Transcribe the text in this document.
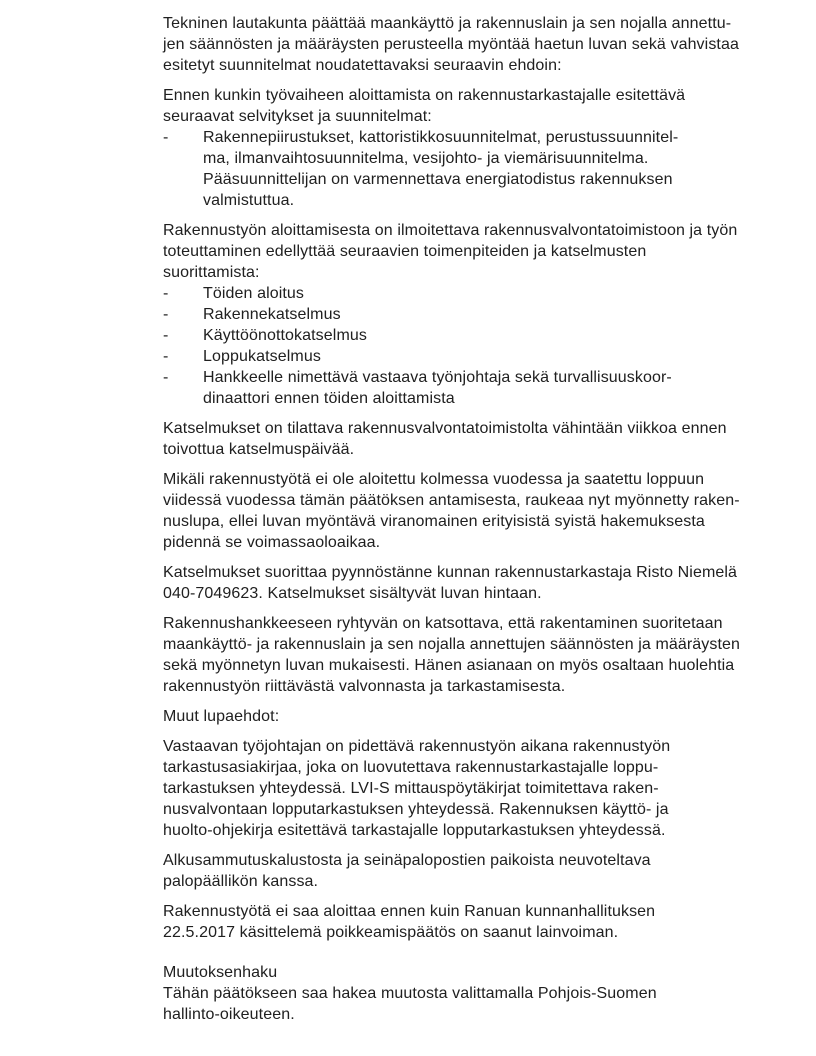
Tekninen lautakunta päättää maankäyttö ja rakennuslain ja sen nojalla annettu-
jen säännösten ja määräysten perusteella myöntää haetun luvan sekä vahvistaa
esitetyt suunnitelmat noudatettavaksi seuraavin ehdoin:
Ennen kunkin työvaiheen aloittamista on rakennustarkastajalle esitettävä
seuraavat selvitykset ja suunnitelmat:
-	Rakennepiirustukset, kattoristikkosuunnitelmat, perustussuunnitel-
ma, ilmanvaihtosuunnitelma, vesijohto- ja viemärisuunnitelma.
Pääsuunnittelijan on varmennettava energiatodistus rakennuksen
valmistuttua.
Rakennustyön aloittamisesta on ilmoitettava rakennusvalvontatoimistoon ja työn
toteuttaminen edellyttää seuraavien toimenpiteiden ja katselmusten
suorittamista:
-	Töiden aloitus
-	Rakennekatselmus
-	Käyttöönottokatselmus
-	Loppukatselmus
-	Hankkeelle nimettävä vastaava työnjohtaja sekä turvallisuuskoor-
dinaattori ennen töiden aloittamista
Katselmukset on tilattava rakennusvalvontatoimistolta vähintään viikkoa ennen
toivottua katselmuspäivää.
Mikäli rakennustyötä ei ole aloitettu kolmessa vuodessa ja saatettu loppuun
viidessä vuodessa tämän päätöksen antamisesta, raukeaa nyt myönnetty raken-
nuslupa, ellei luvan myöntävä viranomainen erityisistä syistä hakemuksesta
pidennä se voimassaoloaikaa.
Katselmukset suorittaa pyynnöstänne kunnan rakennustarkastaja Risto Niemelä
040-7049623. Katselmukset sisältyvät luvan hintaan.
Rakennushankkeeseen ryhtyvän on katsottava, että rakentaminen suoritetaan
maankäyttö- ja rakennuslain ja sen nojalla annettujen säännösten ja määräysten
sekä myönnetyn luvan mukaisesti. Hänen asianaan on myös osaltaan huolehtia
rakennustyön riittävästä valvonnasta ja tarkastamisesta.
Muut lupaehdot:
Vastaavan työjohtajan on pidettävä rakennustyön aikana rakennustyön
tarkastusasiakirjaa, joka on luovutettava rakennustarkastajalle loppu-
tarkastuksen yhteydessä. LVI-S mittauspöytäkirjat toimitettava raken-
nusvalvontaan lopputarkastuksen yhteydessä. Rakennuksen käyttö- ja
huolto-ohjekirja esitettävä tarkastajalle lopputarkastuksen yhteydessä.
Alkusammutuskalustosta ja seinäpalopostien paikoista neuvoteltava
palopäällikön kanssa.
Rakennustyötä ei saa aloittaa ennen kuin Ranuan kunnanhallituksen
22.5.2017 käsittelemä poikkeamispäätös on saanut lainvoiman.
Muutoksenhaku
Tähän päätökseen saa hakea muutosta valittamalla Pohjois-Suomen
hallinto-oikeuteen.
